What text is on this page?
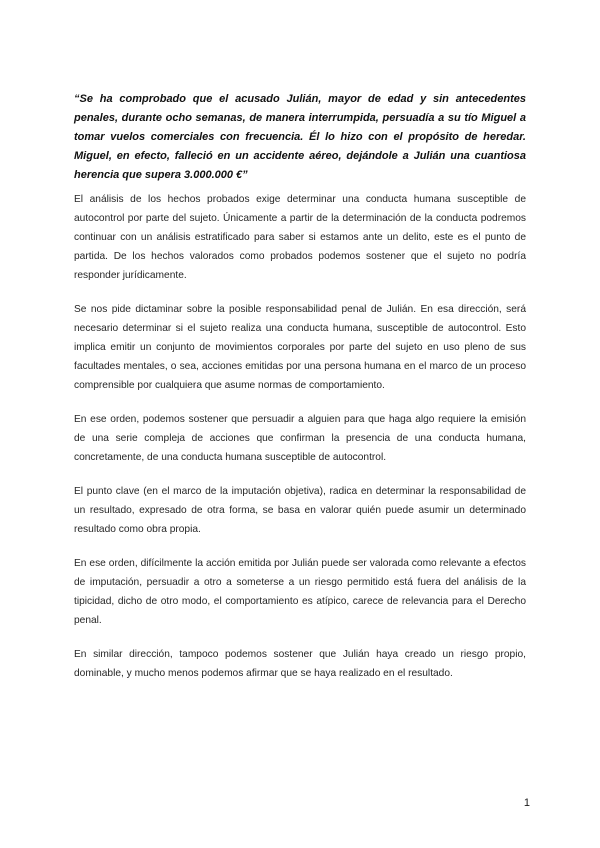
“Se ha comprobado que el acusado Julián, mayor de edad y sin antecedentes penales, durante ocho semanas, de manera interrumpida, persuadía a su tío Miguel a tomar vuelos comerciales con frecuencia. Él lo hizo con el propósito de heredar. Miguel, en efecto, falleció en un accidente aéreo, dejándole a Julián una cuantiosa herencia que supera 3.000.000 €”

El análisis de los hechos probados exige determinar una conducta humana susceptible de autocontrol por parte del sujeto. Únicamente a partir de la determinación de la conducta podremos continuar con un análisis estratificado para saber si estamos ante un delito, este es el punto de partida. De los hechos valorados como probados podemos sostener que el sujeto no podría responder jurídicamente.

Se nos pide dictaminar sobre la posible responsabilidad penal de Julián. En esa dirección, será necesario determinar si el sujeto realiza una conducta humana, susceptible de autocontrol. Esto implica emitir un conjunto de movimientos corporales por parte del sujeto en uso pleno de sus facultades mentales, o sea, acciones emitidas por una persona humana en el marco de un proceso comprensible por cualquiera que asume normas de comportamiento.

En ese orden, podemos sostener que persuadir a alguien para que haga algo requiere la emisión de una serie compleja de acciones que confirman la presencia de una conducta humana, concretamente, de una conducta humana susceptible de autocontrol.

El punto clave (en el marco de la imputación objetiva), radica en determinar la responsabilidad de un resultado, expresado de otra forma, se basa en valorar quién puede asumir un determinado resultado como obra propia.

En ese orden, difícilmente la acción emitida por Julián puede ser valorada como relevante a efectos de imputación, persuadir a otro a someterse a un riesgo permitido está fuera del análisis de la tipicidad, dicho de otro modo, el comportamiento es atípico, carece de relevancia para el Derecho penal.

En similar dirección, tampoco podemos sostener que Julián haya creado un riesgo propio, dominable, y mucho menos podemos afirmar que se haya realizado en el resultado.

1
